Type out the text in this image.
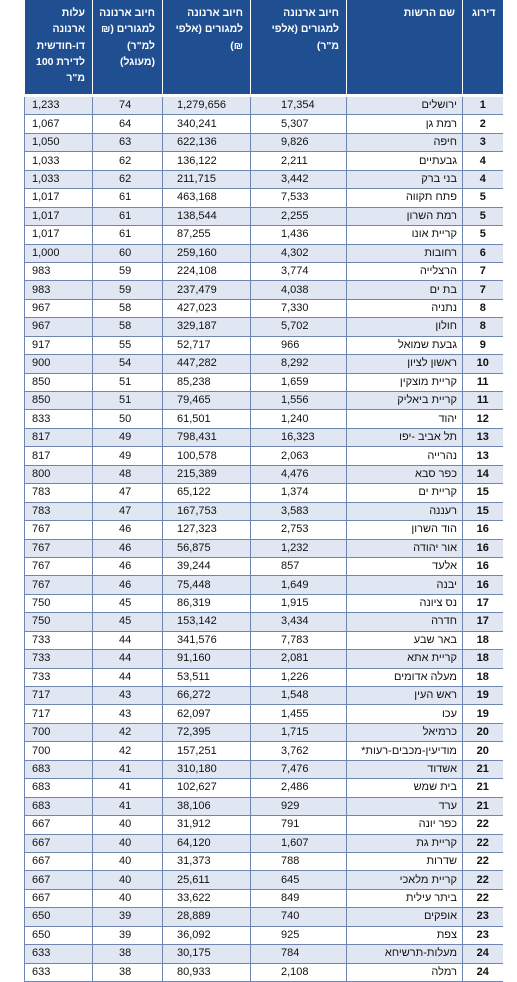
דירוג	שם הרשות	חיוב ארנונה למגורים (אלפי מ"ר)	חיוב ארנונה למגורים (אלפי ₪)	חיוב ארנונה למגורים (₪ למ"ר) (מעוגל)	עלות ארנונה דו-חודשית לדירת 100 מ"ר

1	ירושלים	17,354	1,279,656	74	1,233
2	רמת גן	5,307	340,241	64	1,067
3	חיפה	9,826	622,136	63	1,050
4	גבעתיים	2,211	136,122	62	1,033
4	בני ברק	3,442	211,715	62	1,033
5	פתח תקווה	7,533	463,168	61	1,017
5	רמת השרון	2,255	138,544	61	1,017
5	קריית אונו	1,436	87,255	61	1,017
6	רחובות	4,302	259,160	60	1,000
7	הרצלייה	3,774	224,108	59	983
7	בת ים	4,038	237,479	59	983
8	נתניה	7,330	427,023	58	967
8	חולון	5,702	329,187	58	967
9	גבעת שמואל	966	52,717	55	917
10	ראשון לציון	8,292	447,282	54	900
11	קריית מוצקין	1,659	85,238	51	850
11	קריית ביאליק	1,556	79,465	51	850
12	יהוד	1,240	61,501	50	833
13	תל אביב -יפו	16,323	798,431	49	817
13	נהרייה	2,063	100,578	49	817
14	כפר סבא	4,476	215,389	48	800
15	קריית ים	1,374	65,122	47	783
15	רעננה	3,583	167,753	47	783
16	הוד השרון	2,753	127,323	46	767
16	אור יהודה	1,232	56,875	46	767
16	אלעד	857	39,244	46	767
16	יבנה	1,649	75,448	46	767
17	נס ציונה	1,915	86,319	45	750
17	חדרה	3,434	153,142	45	750
18	באר שבע	7,783	341,576	44	733
18	קריית אתא	2,081	91,160	44	733
18	מעלה אדומים	1,226	53,511	44	733
19	ראש העין	1,548	66,272	43	717
19	עכו	1,455	62,097	43	717
20	כרמיאל	1,715	72,395	42	700
20	מודיעין-מכבים-רעות*	3,762	157,251	42	700
21	אשדוד	7,476	310,180	41	683
21	בית שמש	2,486	102,627	41	683
21	ערד	929	38,106	41	683
22	כפר יונה	791	31,912	40	667
22	קריית גת	1,607	64,120	40	667
22	שדרות	788	31,373	40	667
22	קריית מלאכי	645	25,611	40	667
22	ביתר עילית	849	33,622	40	667
23	אופקים	740	28,889	39	650
23	צפת	925	36,092	39	650
24	מעלות-תרשיחא	784	30,175	38	633
24	רמלה	2,108	80,933	38	633
